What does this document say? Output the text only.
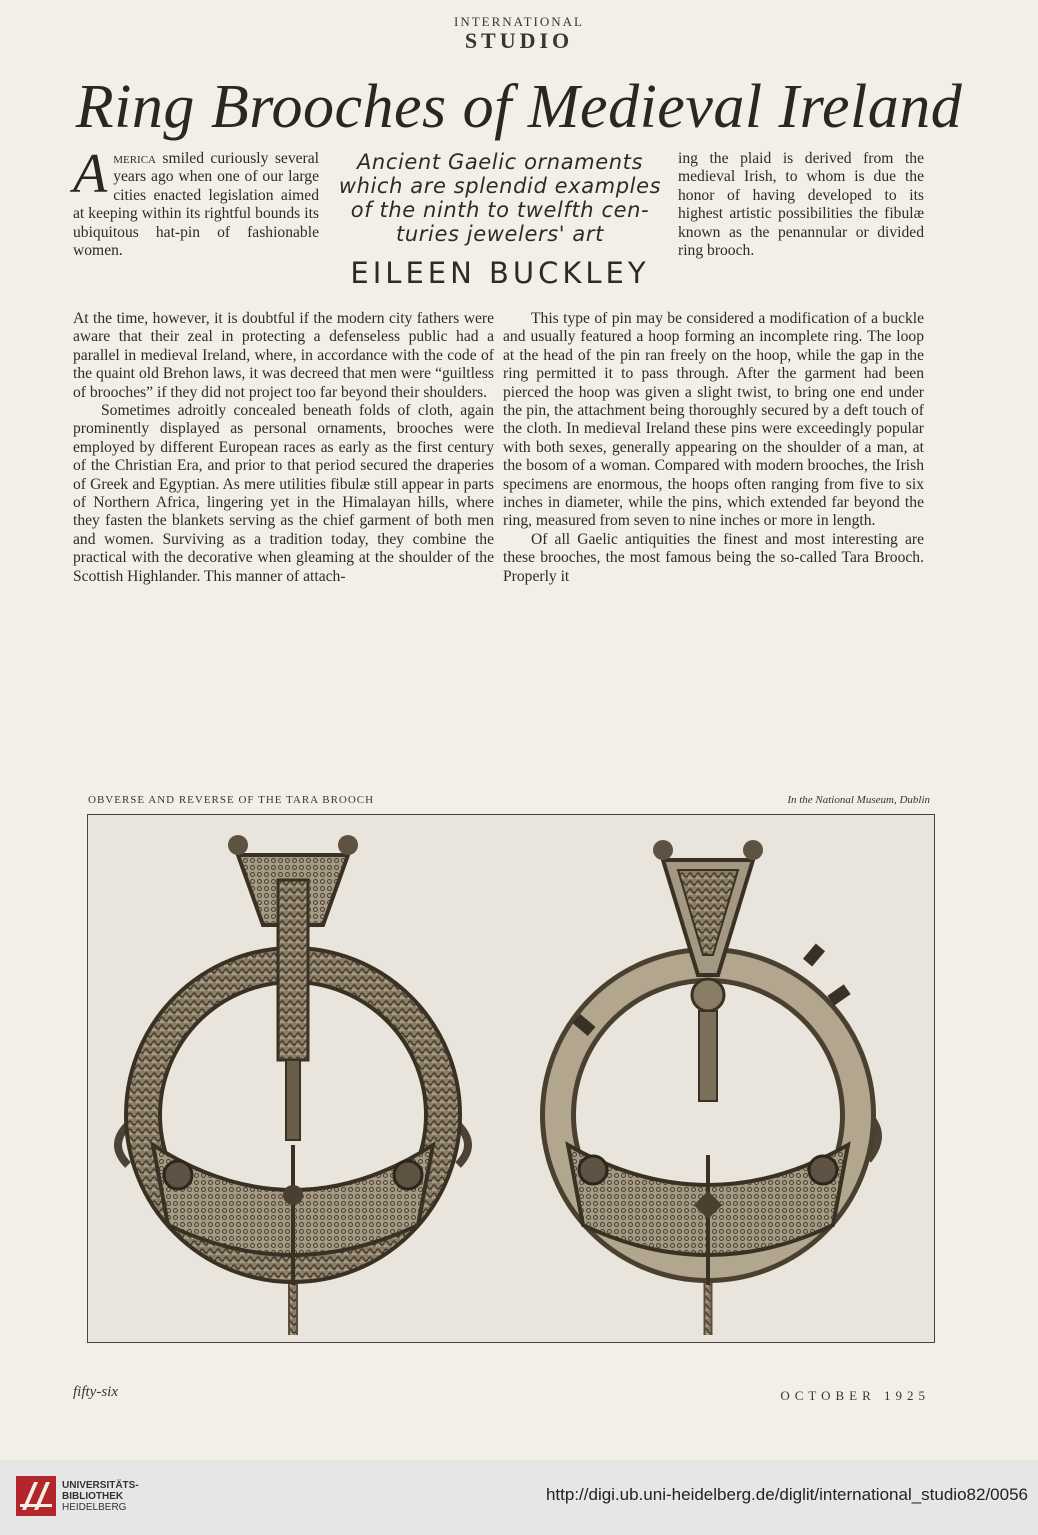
INTERNATIONAL
STUDIO
Ring Brooches of Medieval Ireland

America smiled curiously several years ago when one of our large cities enacted legislation aimed at keeping within its rightful bounds its ubiquitous hat-pin of fashionable women.

Ancient Gaelic ornaments
which are splendid examples
of the ninth to twelfth cen-
turies jewelers' art
EILEEN BUCKLEY

ing the plaid is derived from the medieval Irish, to whom is due the honor of having developed to its highest artistic possibilities the fibulæ known as the penannular or divided ring brooch.

At the time, however, it is doubtful if the modern city fathers were aware that their zeal in protecting a defenseless public had a parallel in medieval Ireland, where, in accordance with the code of the quaint old Brehon laws, it was decreed that men were “guiltless of brooches” if they did not project too far beyond their shoulders.

Sometimes adroitly concealed beneath folds of cloth, again prominently displayed as personal ornaments, brooches were employed by different European races as early as the first century of the Christian Era, and prior to that period secured the draperies of Greek and Egyptian. As mere utilities fibulæ still appear in parts of Northern Africa, lingering yet in the Himalayan hills, where they fasten the blankets serving as the chief garment of both men and women. Surviving as a tradition today, they combine the practical with the decorative when gleaming at the shoulder of the Scottish Highlander. This manner of attach-

This type of pin may be considered a modification of a buckle and usually featured a hoop forming an incomplete ring. The loop at the head of the pin ran freely on the hoop, while the gap in the ring permitted it to pass through. After the garment had been pierced the hoop was given a slight twist, to bring one end under the pin, the attachment being thoroughly secured by a deft touch of the cloth. In medieval Ireland these pins were exceedingly popular with both sexes, generally appearing on the shoulder of a man, at the bosom of a woman. Compared with modern brooches, the Irish specimens are enormous, the hoops often ranging from five to six inches in diameter, while the pins, which extended far beyond the ring, measured from seven to nine inches or more in length.

Of all Gaelic antiquities the finest and most interesting are these brooches, the most famous being the so-called Tara Brooch. Properly it

OBVERSE AND REVERSE OF THE TARA BROOCH	In the National Museum, Dublin
fifty-six	OCTOBER 1925
UNIVERSITÄTS-
BIBLIOTHEK
HEIDELBERG
http://digi.ub.uni-heidelberg.de/diglit/international_studio82/0056
